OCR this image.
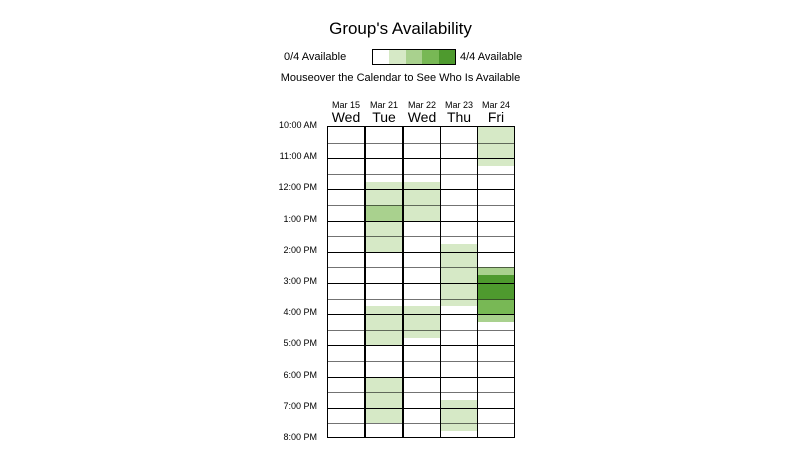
Group's Availability
0/4 Available	4/4 Available
Mouseover the Calendar to See Who Is Available
Mar 15
Wed
Mar 21
Tue
Mar 22
Wed
Mar 23
Thu
Mar 24
Fri
10:00 AM
11:00 AM
12:00 PM
1:00 PM
2:00 PM
3:00 PM
4:00 PM
5:00 PM
6:00 PM
7:00 PM
8:00 PM
